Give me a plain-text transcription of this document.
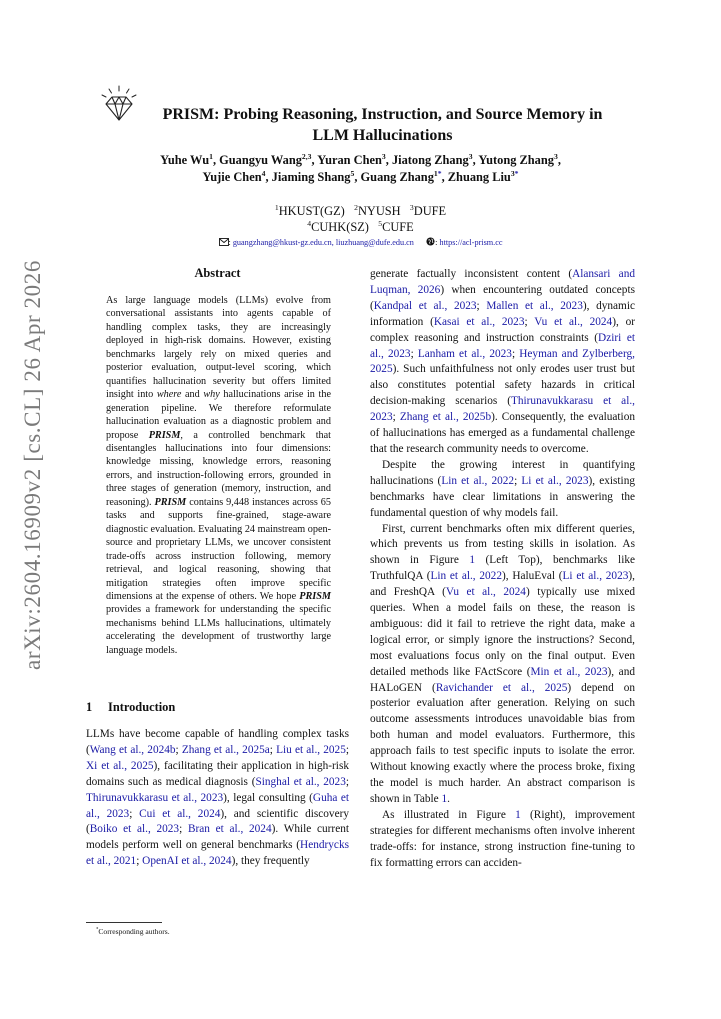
arXiv:2604.16909v2 [cs.CL] 26 Apr 2026
PRISM: Probing Reasoning, Instruction, and Source Memory in
LLM Hallucinations
Yuhe Wu$^1$, Guangyu Wang$^{2,3}$, Yuran Chen$^3$, Jiatong Zhang$^3$, Yutong Zhang$^3$,
Yujie Chen$^4$, Jiaming Shang$^5$, Guang Zhang$^{1*}$, Zhuang Liu$^{3*}$
$^1$HKUST(GZ) $^2$NYUSH $^3$DUFE
$^4$CUHK(SZ) $^5$CUFE
: guangzhang@hkust-gz.edu.cn, liuzhuang@dufe.edu.cn	: https://acl-prism.cc
Abstract
As large language models (LLMs) evolve from conversational assistants into agents capable of handling complex tasks, they are increasingly deployed in high-risk domains. However, existing benchmarks largely rely on mixed queries and posterior evaluation, output-level scoring, which quantifies hallucination severity but offers limited insight into where and why hallucinations arise in the generation pipeline. We therefore reformulate hallucination evaluation as a diagnostic problem and propose PRISM, a controlled benchmark that disentangles hallucinations into four dimensions: knowledge missing, knowledge errors, reasoning errors, and instruction-following errors, grounded in three stages of generation (memory, instruction, and reasoning). PRISM contains 9,448 instances across 65 tasks and supports fine-grained, stage-aware diagnostic evaluation. Evaluating 24 mainstream open-source and proprietary LLMs, we uncover consistent trade-offs across instruction following, memory retrieval, and logical reasoning, showing that mitigation strategies often improve specific dimensions at the expense of others. We hope PRISM provides a framework for understanding the specific mechanisms behind LLMs hallucinations, ultimately accelerating the development of trustworthy large language models.
1 Introduction
LLMs have become capable of handling complex tasks (Wang et al., 2024b; Zhang et al., 2025a; Liu et al., 2025; Xi et al., 2025), facilitating their application in high-risk domains such as medical diagnosis (Singhal et al., 2023; Thirunavukkarasu et al., 2023), legal consulting (Guha et al., 2023; Cui et al., 2024), and scientific discovery (Boiko et al., 2023; Bran et al., 2024). While current models perform well on general benchmarks (Hendrycks et al., 2021; OpenAI et al., 2024), they frequently
*Corresponding authors.

generate factually inconsistent content (Alansari and Luqman, 2026) when encountering outdated concepts (Kandpal et al., 2023; Mallen et al., 2023), dynamic information (Kasai et al., 2023; Vu et al., 2024), or complex reasoning and instruction constraints (Dziri et al., 2023; Lanham et al., 2023; Heyman and Zylberberg, 2025). Such unfaithfulness not only erodes user trust but also constitutes potential safety hazards in critical decision-making scenarios (Thirunavukkarasu et al., 2023; Zhang et al., 2025b). Consequently, the evaluation of hallucinations has emerged as a fundamental challenge that the research community needs to overcome.

Despite the growing interest in quantifying hallucinations (Lin et al., 2022; Li et al., 2023), existing benchmarks have clear limitations in answering the fundamental question of why models fail.

First, current benchmarks often mix different queries, which prevents us from testing skills in isolation. As shown in Figure 1 (Left Top), benchmarks like TruthfulQA (Lin et al., 2022), HaluEval (Li et al., 2023), and FreshQA (Vu et al., 2024) typically use mixed queries. When a model fails on these, the reason is ambiguous: did it fail to retrieve the right data, make a logical error, or simply ignore the instructions? Second, most evaluations focus only on the final output. Even detailed methods like FActScore (Min et al., 2023), and HALoGEN (Ravichander et al., 2025) depend on posterior evaluation after generation. Relying on such outcome assessments introduces unavoidable bias from both human and model evaluators. Furthermore, this approach fails to test specific inputs to isolate the error. Without knowing exactly where the process broke, fixing the model is much harder. An abstract comparison is shown in Table 1.

As illustrated in Figure 1 (Right), improvement strategies for different mechanisms often involve inherent trade-offs: for instance, strong instruction fine-tuning to fix formatting errors can acciden-
